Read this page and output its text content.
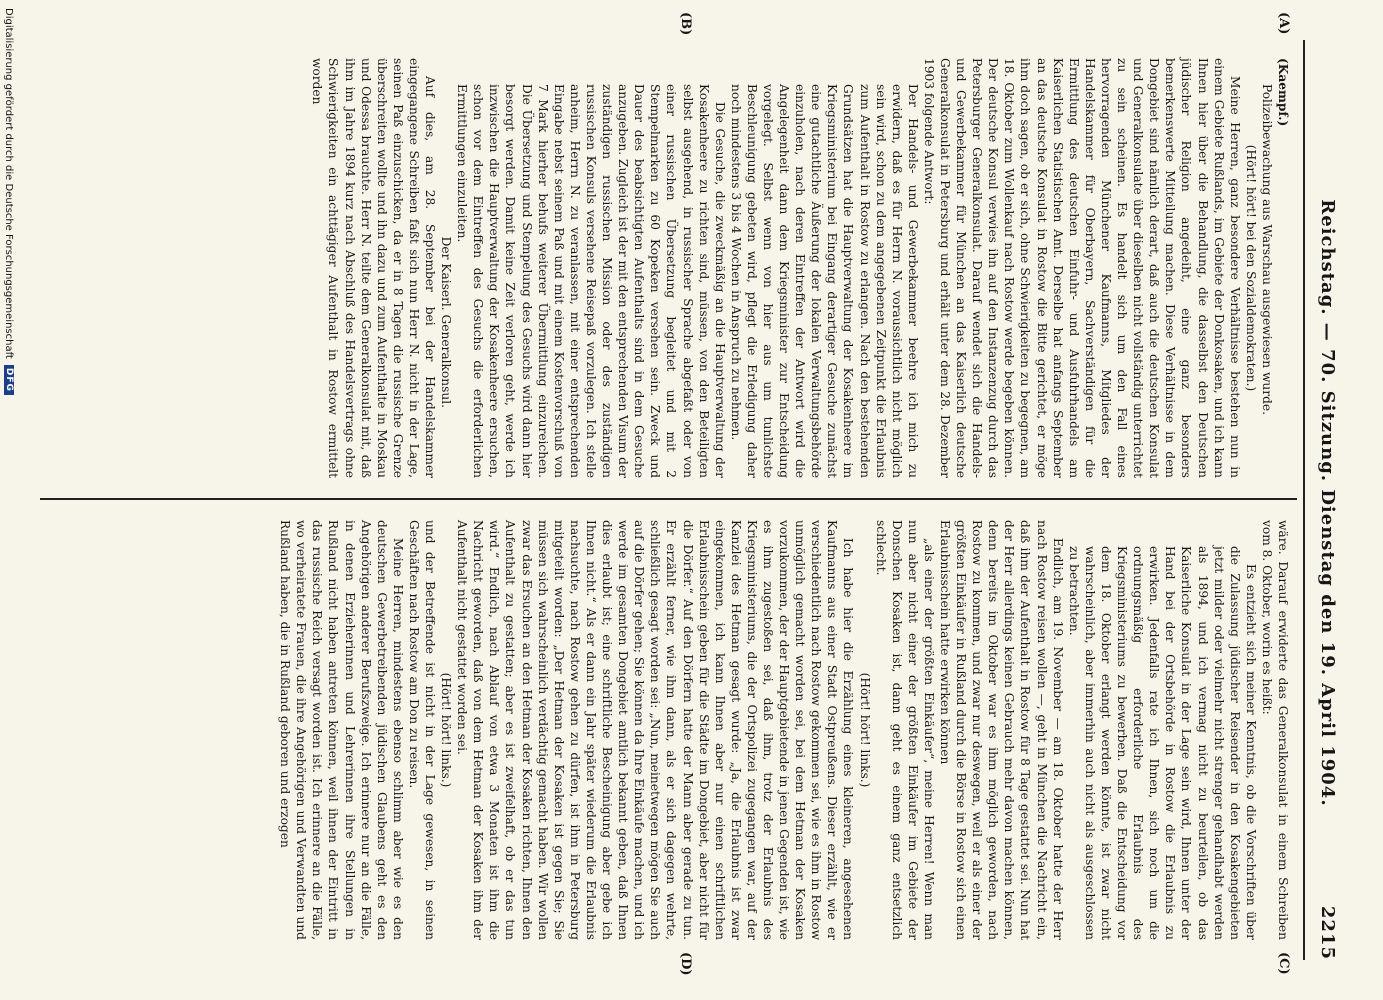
Reichstag. — 70. Sitzung. Dienstag den 19. April 1904.
2215
(A)
(B)
(C)
(D)

(Kaempf.)

Polizeibewachung aus Warschau ausgewiesen wurde.

(Hört! hört! bei den Sozialdemokraten.)

Meine Herren, ganz besondere Verhältnisse bestehen nun in einem Gebiete Rußlands, im Gebiete der Donkosaken, und ich kann Ihnen hier über die Behandlung, die dasselbst den Deutschen jüdischer Religion angedeiht, eine ganz besonders bemerkenswerte Mitteilung machen. Diese Verhältnisse in dem Dongebiet sind nämlich derart, daß auch die deutschen Konsulat und Generalkonsulate über dieselben nicht vollständig unterrichtet zu sein scheinen. Es handelt sich um den Fall eines hervorragenden Münchener Kaufmanns, Mitgliedes der Handelskammer für Oberbayern, Sachverständigen für die Ermittlung des deutschen Einfuhr- und Ausfuhrhandels am Kaiserlichen Statistischen Amt. Derselbe hat anfangs September an das deutsche Konsulat in Rostow die Bitte gerichtet, er möge ihm doch sagen, ob er sich, ohne Schwierigkeiten zu begegnen, am 18. Oktober zum Wollenkauf nach Rostow werde begeben können. Der deutsche Konsul verwies ihn auf den Instanzenzug durch das Petersburger Generalkonsulat. Darauf wendet sich die Handels- und Gewerbekammer für München an das Kaiserlich deutsche Generalkonsulat in Petersburg und erhält unter dem 28. Dezember 1903 folgende Antwort:

Der Handels- und Gewerbekammer beehre ich mich zu erwidern, daß es für Herrn N. voraussichtlich nicht möglich sein wird, schon zu dem angegebenen Zeitpunkt die Erlaubnis zum Aufenthalt in Rostow zu erlangen. Nach den bestehenden Grundsätzen hat die Hauptverwaltung der Kosakenheere im Kriegsministerium bei Eingang derartiger Gesuche zunächst eine gutachtliche Äußerung der lokalen Verwaltungsbehörde einzuholen, nach deren Eintreffen der Antwort wird die Angelegenheit dann dem Kriegsminister zur Entscheidung vorgelegt. Selbst wenn von hier aus um tunlichste Beschleunigung gebeten wird, pflegt die Erledigung daher noch mindestens 3 bis 4 Wochen in Anspruch zu nehmen.

Die Gesuche, die zweckmäßig an die Hauptverwaltung der Kosakenheere zu richten sind, müssen, von den Beteiligten selbst ausgehend, in russischer Sprache abgefaßt oder von einer russischen Übersetzung begleitet und mit 2 Stempelmarken zu 60 Kopeken versehen sein. Zweck und Dauer des beabsichtigten Aufenthalts sind in dem Gesuche anzugeben. Zugleich ist der mit den entsprechenden Visum der zuständigen russischen Mission oder des zuständigen russischen Konsuls versehene Reisepaß vorzulegen. Ich stelle anheim, Herrn N. zu veranlassen, mit einer entsprechenden Eingabe nebst seinem Paß und mit einem Kostenvorschuß von 7 Mark hierher behufs weiterer Übermittlung einzureichen. Die Übersetzung und Stempelung des Gesuchs wird dann hier besorgt werden. Damit keine Zeit verloren geht, werde ich inzwischen die Hauptverwaltung der Kosakenheere ersuchen, schon vor dem Eintreffen des Gesuchs die erforderlichen Ermittlungen einzuleiten.

Der Kaiserl. Generalkonsul.

Auf dies, am 28. September bei der Handelskammer eingegangene Schreiben faßt sich nun Herr N. nicht in der Lage, seinen Paß einzuschicken, da er in 8 Tagen die russische Grenze überschreiten wollte und ihn dazu und zum Aufenthalte in Moskau und Odessa brauchte. Herr N. teilte dem Generalkonsulat mit, daß ihm im Jahre 1894 kurz nach Abschluß des Handelsvertrags ohne Schwierigkeiten ein achttägiger Aufenthalt in Rostow ermittelt worden

wäre. Darauf erwiderte das Generalkonsulat in einem Schreiben vom 8. Oktober, worin es heißt:

Es entzieht sich meiner Kenntnis, ob die Vorschriften über die Zulassung jüdischer Reisender in den Kosakengebieten jetzt milder oder vielmehr nicht strenger gehandhabt werden als 1894, und ich vermag nicht zu beurteilen, ob das Kaiserliche Konsulat in der Lage sein wird, Ihnen unter der Hand bei der Ortsbehörde in Rostow die Erlaubnis zu erwirken. Jedenfalls rate ich Ihnen, sich noch um die ordnungsmäßig erforderliche Erlaubnis des Kriegsministeriums zu bewerben. Daß die Entscheidung vor dem 18. Oktober erlangt werden könnte, ist zwar nicht wahrscheinlich, aber immerhin auch nicht als ausgeschlossen zu betrachten.

Endlich, am 19. November — am 18. Oktober hatte der Herr nach Rostow reisen wollen —, geht in München die Nachricht ein, daß ihm der Aufenthalt in Rostow für 8 Tage gestattet sei. Nun hat der Herr allerdings keinen Gebrauch mehr davon machen können, denn bereits im Oktober war es ihm möglich geworden, nach Rostow zu kommen, und zwar nur deswegen, weil er als einer der größten Einkäufer in Rußland durch die Börse in Rostow sich einen Erlaubnisschein hatte erwirken können

„als einer der größten Einkäufer“, meine Herren! Wenn man nun aber nicht einer der größten Einkäufer im Gebiete der Donschen Kosaken ist, dann geht es einem ganz entsetzlich schlecht.

(Hört! hört! links.)

Ich habe hier die Erzählung eines kleineren, angesehenen Kaufmanns aus einer Stadt Ostpreußens. Dieser erzählt, wie er verschiedentlich nach Rostow gekommen sei, wie es ihm in Rostow unmöglich gemacht worden sei, bei dem Hetman der Kosaken vorzukommen, der der Hauptgebietende in jenen Gegenden ist, wie es ihm zugestoßen sei, daß ihm, trotz der Erlaubnis des Kriegsministeriums, die der Ortspolizei zugegangen war, auf der Kanzlei des Hetman gesagt wurde: „Ja, die Erlaubnis ist zwar eingekommen, ich kann Ihnen aber nur einen schriftlichen Erlaubnisschein geben für die Städte im Dongebiet, aber nicht für die Dörfer.“ Auf den Dörfern hatte der Mann aber gerade zu tun. Er erzählt ferner, wie ihm dann, als er sich dagegen wehrte, schließlich gesagt worden sei: „Nun, meinetwegen mögen Sie auch auf die Dörfer gehen; Sie können da Ihre Einkäufe machen, und ich werde im gesamten Dongebiet amtlich bekannt geben, daß Ihnen dies erlaubt ist; eine schriftliche Bescheinigung aber gebe ich Ihnen nicht.“ Als er dann ein Jahr später wiederum die Erlaubnis nachsuchte, nach Rostow gehen zu dürfen, ist ihm in Petersburg mitgeteilt worden: „Der Hetman der Kosaken ist gegen Sie; Sie müssen sich wahrscheinlich verdächtig gemacht haben. Wir wollen zwar das Ersuchen an den Hetman der Kosaken richten, Ihnen den Aufenthalt zu gestatten; aber es ist zweifelhaft, ob er das tun wird.“ Endlich, nach Ablauf von etwa 3 Monaten ist ihm die Nachricht geworden, daß von dem Hetman der Kosaken ihm der Aufenthalt nicht gestattet worden sei.

(Hört! hört! links.)

und der Betreffende ist nicht in der Lage gewesen, in seinen Geschäften nach Rostow am Don zu reisen.

Meine Herren, mindestens ebenso schlimm aber wie es den deutschen Gewerbetreibenden jüdischen Glaubens geht es den Angehörigen anderer Berufszweige. Ich erinnere nur an die Fälle, in denen Erzieherinnen und Lehrerinnen ihre Stellungen in Rußland nicht haben antreten können, weil ihnen der Eintritt in das russische Reich versagt worden ist. Ich erinnere an die Fälle, wo verheiratete Frauen, die ihre Angehörigen und Verwandten und Rußland haben, die in Rußland geboren und erzogen

Digitalisierung gefördert durch die Deutsche Forschungsgemeinschaft
DFG
